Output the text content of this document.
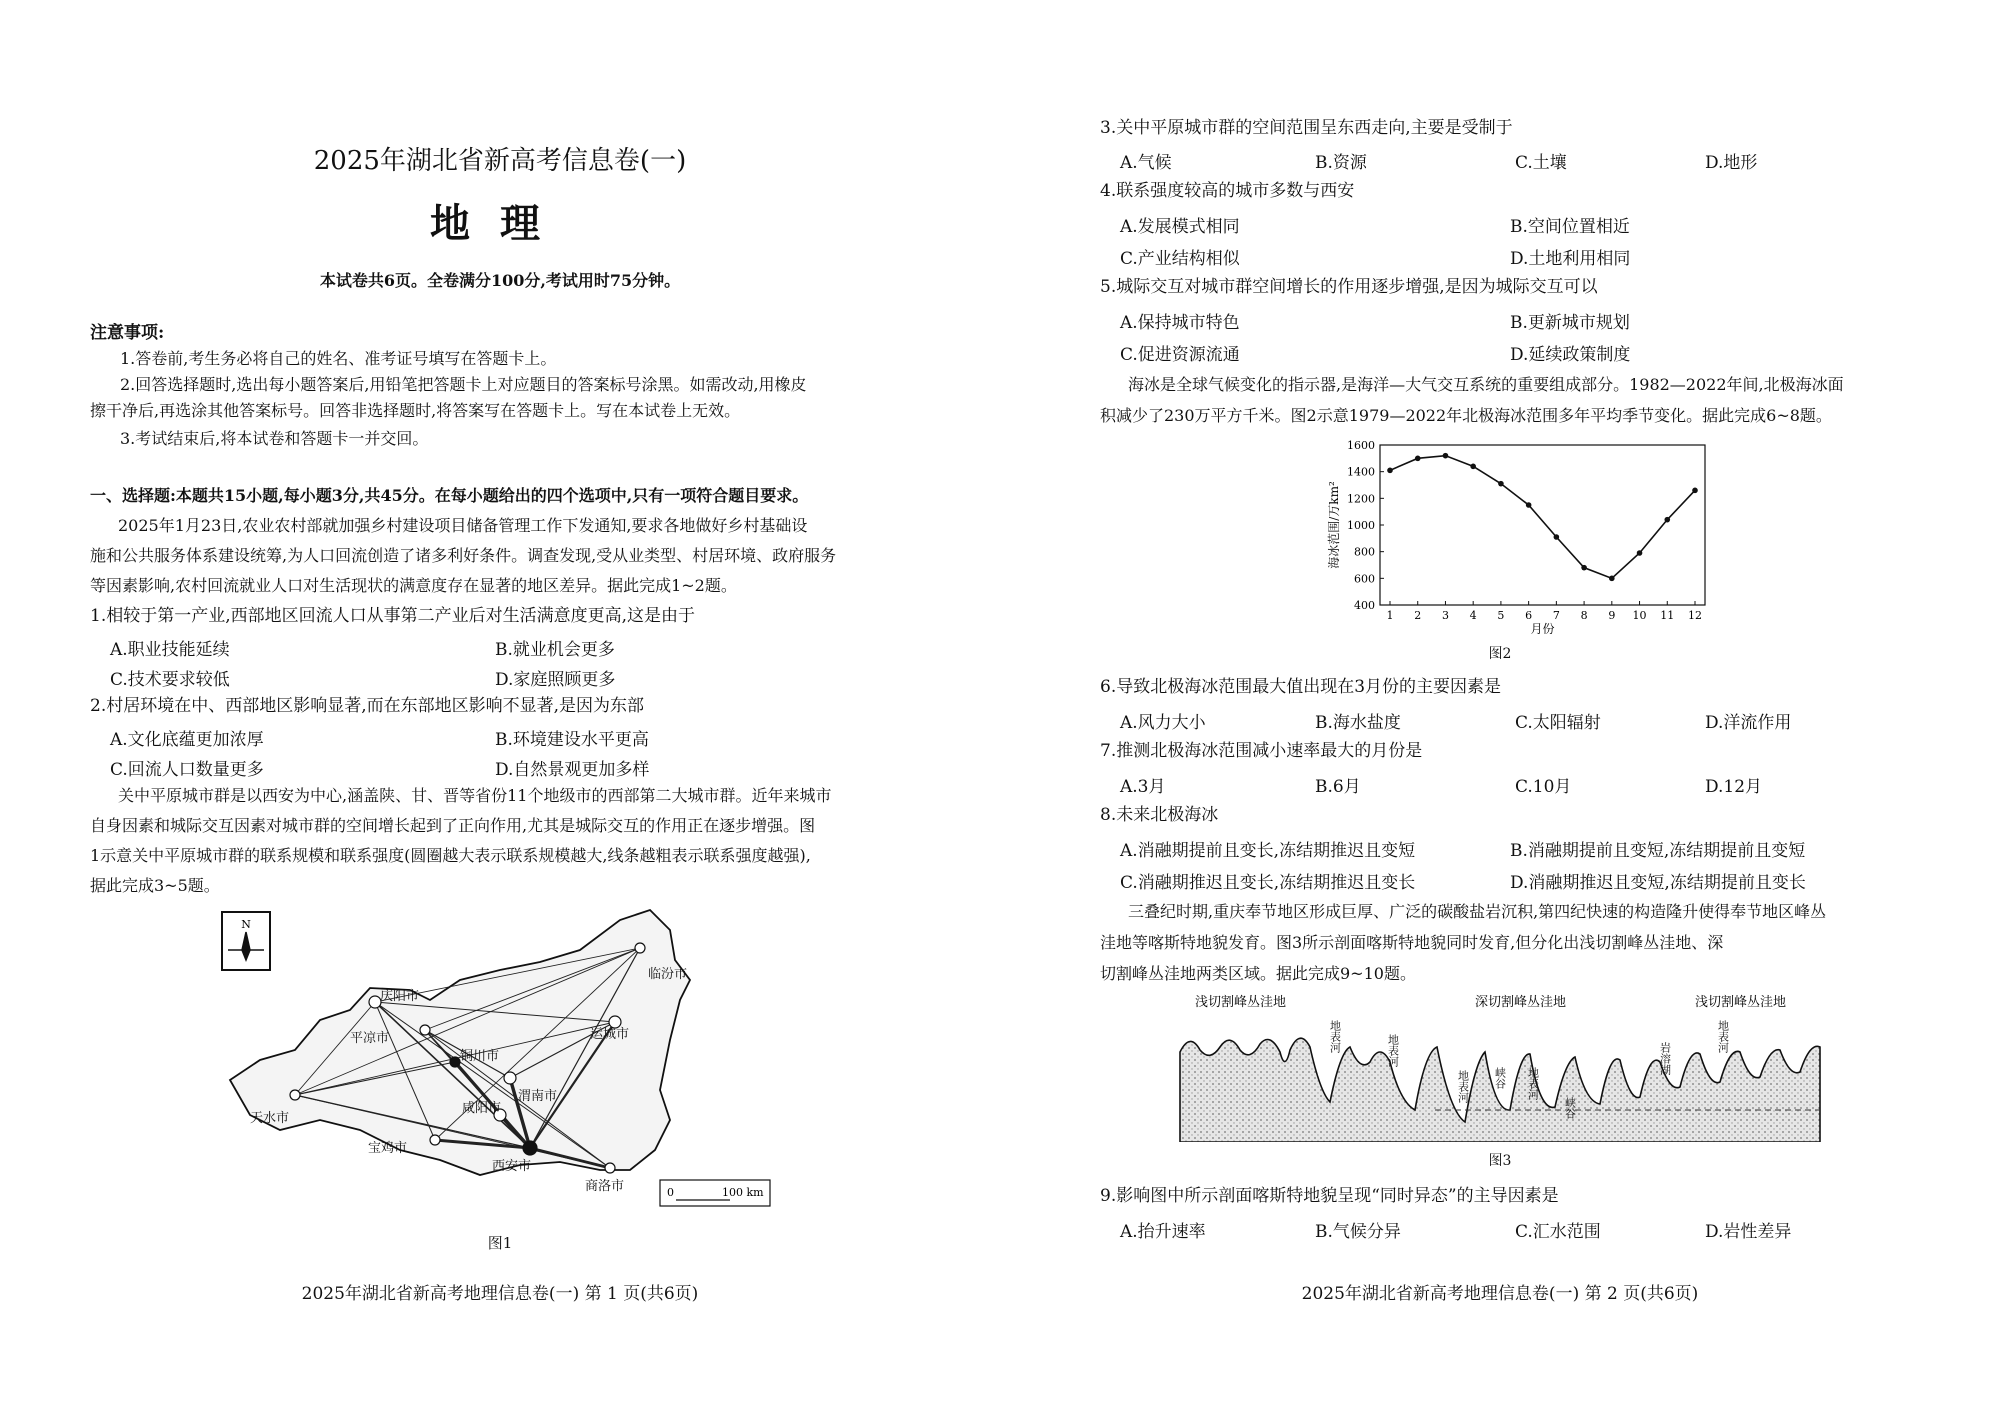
2025年湖北省新高考信息卷(一)
地理
本试卷共6页。全卷满分100分,考试用时75分钟。
注意事项:
1.答卷前,考生务必将自己的姓名、准考证号填写在答题卡上。
2.回答选择题时,选出每小题答案后,用铅笔把答题卡上对应题目的答案标号涂黑。如需改动,用橡皮
擦干净后,再选涂其他答案标号。回答非选择题时,将答案写在答题卡上。写在本试卷上无效。
3.考试结束后,将本试卷和答题卡一并交回。
一、选择题:本题共15小题,每小题3分,共45分。在每小题给出的四个选项中,只有一项符合题目要求。
2025年1月23日,农业农村部就加强乡村建设项目储备管理工作下发通知,要求各地做好乡村基础设
施和公共服务体系建设统筹,为人口回流创造了诸多利好条件。调查发现,受从业类型、村居环境、政府服务
等因素影响,农村回流就业人口对生活现状的满意度存在显著的地区差异。据此完成1~2题。
1.相较于第一产业,西部地区回流人口从事第二产业后对生活满意度更高,这是由于
A.职业技能延续	B.就业机会更多
C.技术要求较低	D.家庭照顾更多
2.村居环境在中、西部地区影响显著,而在东部地区影响不显著,是因为东部
A.文化底蕴更加浓厚	B.环境建设水平更高
C.回流人口数量更多	D.自然景观更加多样
关中平原城市群是以西安为中心,涵盖陕、甘、晋等省份11个地级市的西部第二大城市群。近年来城市
自身因素和城际交互因素对城市群的空间增长起到了正向作用,尤其是城际交互的作用正在逐步增强。图
1示意关中平原城市群的联系规模和联系强度(圆圈越大表示联系规模越大,线条越粗表示联系强度越强),
据此完成3~5题。
N
庆阳市
临汾市
平凉市	运城市
铜川市
渭南市
天水市
咸阳市
宝鸡市
西安市
商洛市	0	100 km
图1
2025年湖北省新高考地理信息卷(一) 第 1 页(共6页)
3.关中平原城市群的空间范围呈东西走向,主要是受制于
A.气候	B.资源	C.土壤	D.地形
4.联系强度较高的城市多数与西安
A.发展模式相同	B.空间位置相近
C.产业结构相似	D.土地利用相同
5.城际交互对城市群空间增长的作用逐步增强,是因为城际交互可以
A.保持城市特色	B.更新城市规划
C.促进资源流通	D.延续政策制度
海冰是全球气候变化的指示器,是海洋—大气交互系统的重要组成部分。1982—2022年间,北极海冰面
积减少了230万平方千米。图2示意1979—2022年北极海冰范围多年平均季节变化。据此完成6~8题。
400
600
800
1000
1200
1400
1600
1 2 3 4 5 6 7 8 9 10 11 12
月份
海冰范围/万km²
图2
6.导致北极海冰范围最大值出现在3月份的主要因素是
A.风力大小	B.海水盐度	C.太阳辐射	D.洋流作用
7.推测北极海冰范围减小速率最大的月份是
A.3月	B.6月	C.10月	D.12月
8.未来北极海冰
A.消融期提前且变长,冻结期推迟且变短	B.消融期提前且变短,冻结期提前且变短
C.消融期推迟且变长,冻结期推迟且变长	D.消融期推迟且变短,冻结期提前且变长
三叠纪时期,重庆奉节地区形成巨厚、广泛的碳酸盐岩沉积,第四纪快速的构造隆升使得奉节地区峰丛
洼地等喀斯特地貌发育。图3所示剖面喀斯特地貌同时发育,但分化出浅切割峰丛洼地、深
切割峰丛洼地两类区域。据此完成9~10题。
浅切割峰丛洼地	深切割峰丛洼地	浅切割峰丛洼地
地表河	地表河
地表河 峡谷 地表河
峡谷
岩溶湖
地表河
图3
9.影响图中所示剖面喀斯特地貌呈现“同时异态”的主导因素是
A.抬升速率	B.气候分异	C.汇水范围	D.岩性差异
2025年湖北省新高考地理信息卷(一) 第 2 页(共6页)
